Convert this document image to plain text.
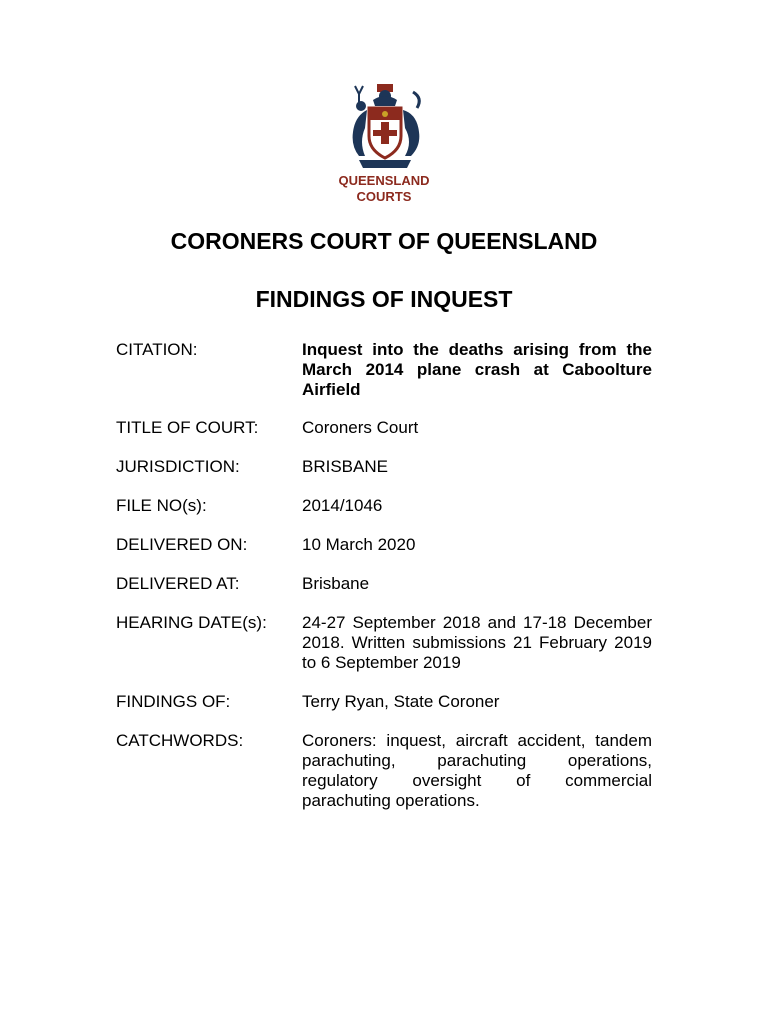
QUEENSLAND
COURTS
CORONERS COURT OF QUEENSLAND
FINDINGS OF INQUEST
CITATION:	Inquest into the deaths arising from the March 2014 plane crash at Caboolture Airfield
TITLE OF COURT:	Coroners Court
JURISDICTION:	BRISBANE
FILE NO(s):	2014/1046
DELIVERED ON:	10 March 2020
DELIVERED AT:	Brisbane
HEARING DATE(s):	24-27 September 2018 and 17-18 December 2018. Written submissions 21 February 2019 to 6 September 2019
FINDINGS OF:	Terry Ryan, State Coroner
CATCHWORDS:	Coroners: inquest, aircraft accident, tandem parachuting, parachuting operations, regulatory oversight of commercial parachuting operations.
